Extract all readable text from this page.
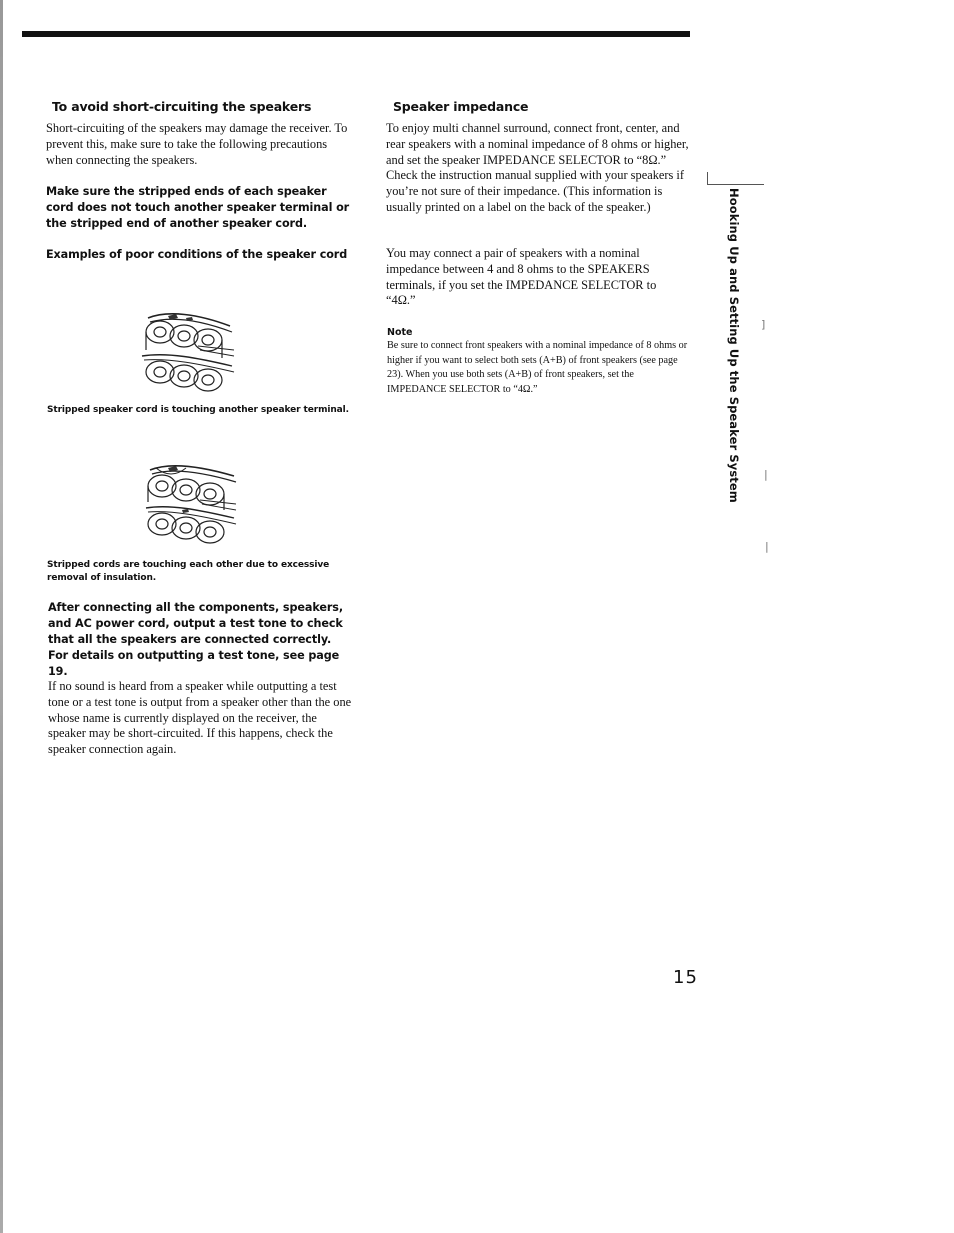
To avoid short-circuiting the speakers

Short-circuiting of the speakers may damage the receiver. To prevent this, make sure to take the following precautions when connecting the speakers.

Make sure the stripped ends of each speaker cord does not touch another speaker terminal or the stripped end of another speaker cord.

Examples of poor conditions of the speaker cord

Stripped speaker cord is touching another speaker terminal.

Stripped cords are touching each other due to excessive removal of insulation.

After connecting all the components, speakers, and AC power cord, output a test tone to check that all the speakers are connected correctly. For details on outputting a test tone, see page 19.

If no sound is heard from a speaker while outputting a test tone or a test tone is output from a speaker other than the one whose name is currently displayed on the receiver, the speaker may be short-circuited. If this happens, check the speaker connection again.

Speaker impedance

To enjoy multi channel surround, connect front, center, and rear speakers with a nominal impedance of 8 ohms or higher, and set the speaker IMPEDANCE SELECTOR to “8Ω.” Check the instruction manual supplied with your speakers if you’re not sure of their impedance. (This information is usually printed on a label on the back of the speaker.)

You may connect a pair of speakers with a nominal impedance between 4 and 8 ohms to the SPEAKERS terminals, if you set the IMPEDANCE SELECTOR to “4Ω.”

Note

Be sure to connect front speakers with a nominal impedance of 8 ohms or higher if you want to select both sets (A+B) of front speakers (see page 23). When you use both sets (A+B) of front speakers, set the IMPEDANCE SELECTOR to “4Ω.”	Hooking Up and Setting Up the Speaker System ]
|
|
15
